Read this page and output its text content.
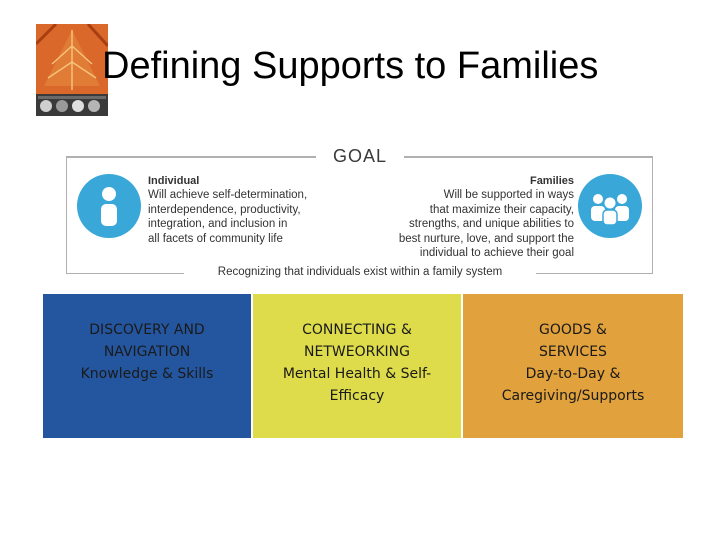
Defining Supports to Families
GOAL
Individual
Will achieve self-determination,
interdependence, productivity,
integration, and inclusion in
all facets of community life
Families
Will be supported in ways
that maximize their capacity,
strengths, and unique abilities to
best nurture, love, and support the
individual to achieve their goal
Recognizing that individuals exist within a family system
DISCOVERY AND NAVIGATION
Knowledge & Skills
CONNECTING & NETWEORKING
Mental Health & Self-Efficacy
GOODS & SERVICES
Day-to-Day & Caregiving/Supports
